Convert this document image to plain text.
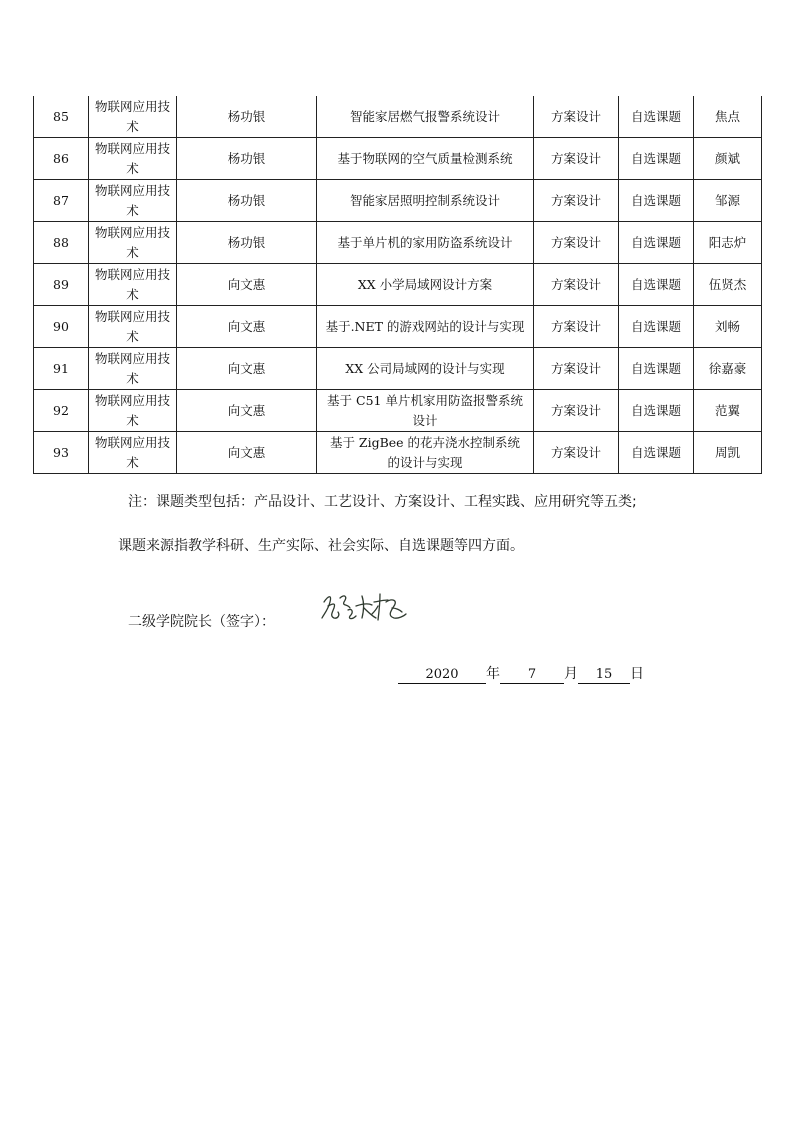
85	物联网应用技术	杨功银	智能家居燃气报警系统设计	方案设计	自选课题	焦点
86	物联网应用技术	杨功银	基于物联网的空气质量检测系统	方案设计	自选课题	颜斌
87	物联网应用技术	杨功银	智能家居照明控制系统设计	方案设计	自选课题	邹源
88	物联网应用技术	杨功银	基于单片机的家用防盗系统设计	方案设计	自选课题	阳志炉
89	物联网应用技术	向文惠	XX 小学局域网设计方案	方案设计	自选课题	伍贤杰
90	物联网应用技术	向文惠	基于.NET 的游戏网站的设计与实现	方案设计	自选课题	刘畅
91	物联网应用技术	向文惠	XX 公司局域网的设计与实现	方案设计	自选课题	徐嘉豪
92	物联网应用技术	向文惠	基于 C51 单片机家用防盗报警系统设计	方案设计	自选课题	范翼
93	物联网应用技术	向文惠	基于 ZigBee 的花卉浇水控制系统的设计与实现	方案设计	自选课题	周凯
注：课题类型包括：产品设计、工艺设计、方案设计、工程实践、应用研究等五类;
课题来源指教学科研、生产实际、社会实际、自选课题等四方面。
二级学院院长（签字）：
2020 年 7 月 15 日
